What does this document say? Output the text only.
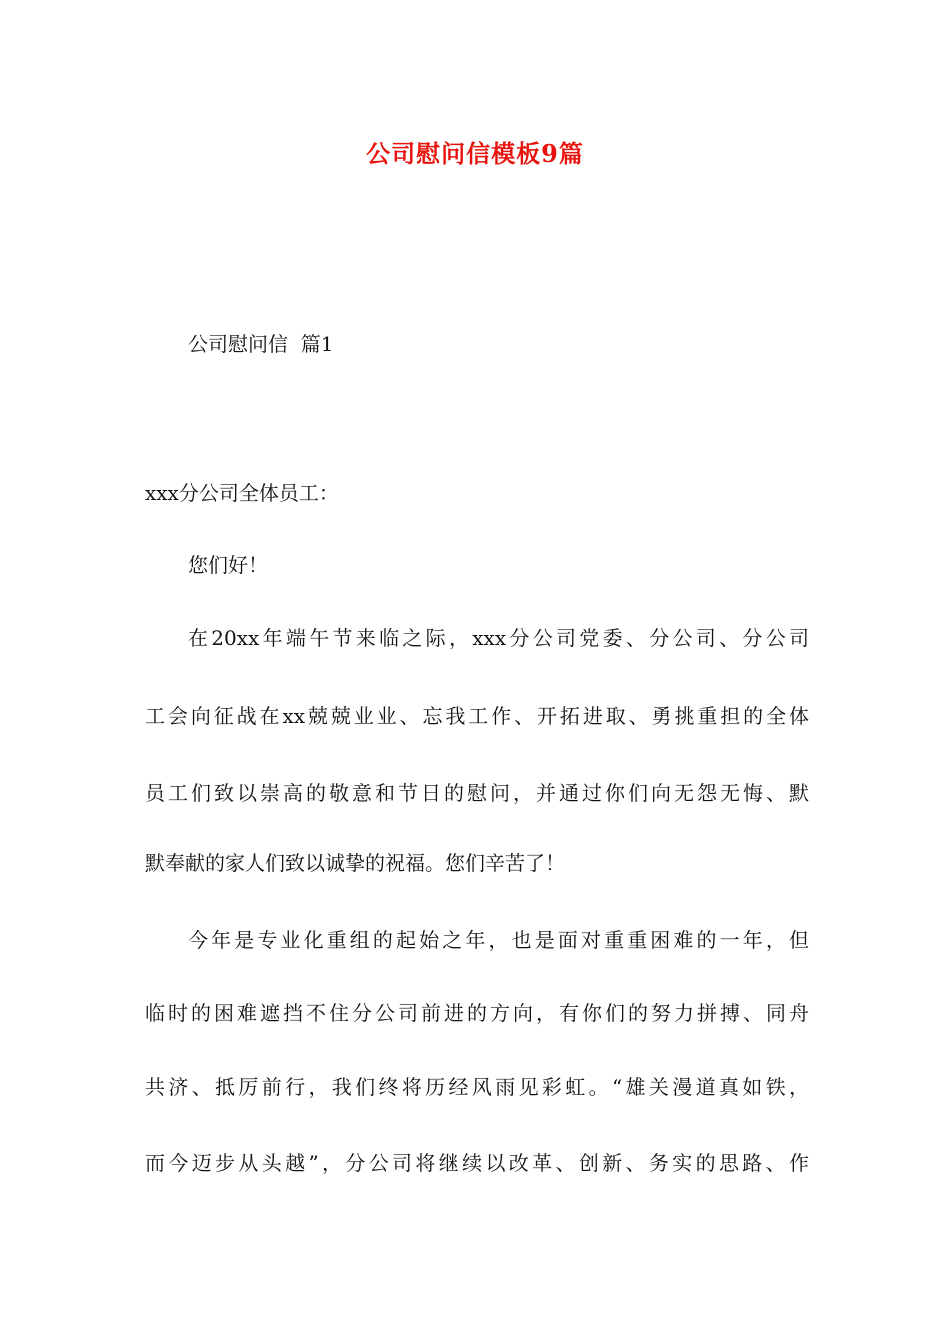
公司慰问信模板9篇
公司慰问信  篇1
xxx分公司全体员工：
您们好！
在20xx年端午节来临之际，xxx分公司党委、分公司、分公司
工会向征战在xx兢兢业业、忘我工作、开拓进取、勇挑重担的全体
员工们致以崇高的敬意和节日的慰问，并通过你们向无怨无悔、默
默奉献的家人们致以诚挚的祝福。您们辛苦了！
今年是专业化重组的起始之年，也是面对重重困难的一年，但
临时的困难遮挡不住分公司前进的方向，有你们的努力拼搏、同舟
共济、抵厉前行，我们终将历经风雨见彩虹。“雄关漫道真如铁，
而今迈步从头越”，分公司将继续以改革、创新、务实的思路、作
